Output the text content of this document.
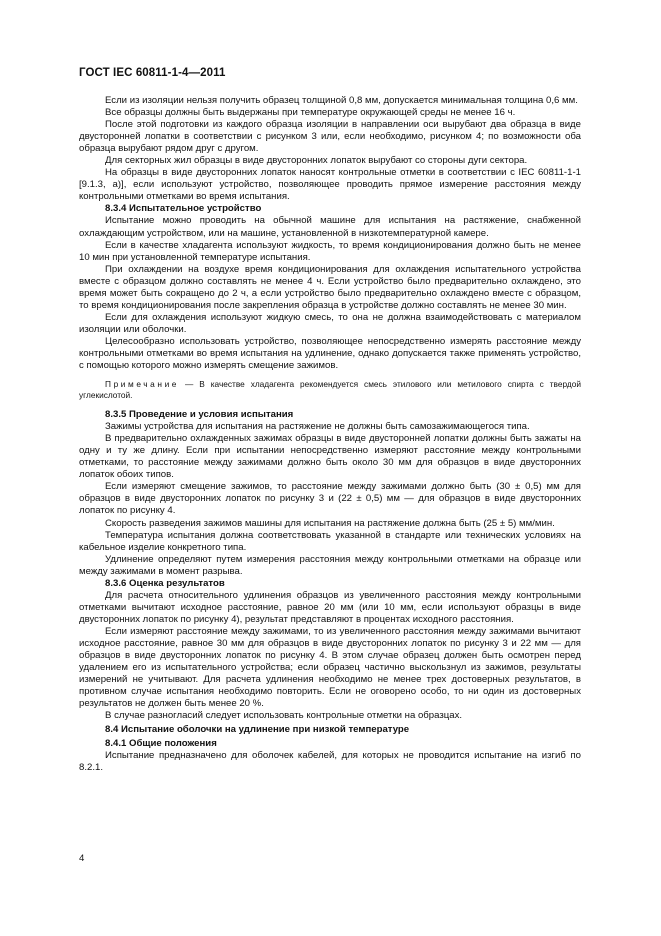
ГОСТ IEC 60811-1-4—2011

Если из изоляции нельзя получить образец толщиной 0,8 мм, допускается минимальная толщина 0,6 мм.

Все образцы должны быть выдержаны при температуре окружающей среды не менее 16 ч.

После этой подготовки из каждого образца изоляции в направлении оси вырубают два образца в виде двусторонней лопатки в соответствии с рисунком 3 или, если необходимо, рисунком 4; по возможности оба образца вырубают рядом друг с другом.

Для секторных жил образцы в виде двусторонних лопаток вырубают со стороны дуги сектора.

На образцы в виде двусторонних лопаток наносят контрольные отметки в соответствии с IEC 60811-1-1 [9.1.3, a)], если используют устройство, позволяющее проводить прямое измерение расстояния между контрольными отметками во время испытания.

8.3.4 Испытательное устройство

Испытание можно проводить на обычной машине для испытания на растяжение, снабженной охлаждающим устройством, или на машине, установленной в низкотемпературной камере.

Если в качестве хладагента используют жидкость, то время кондиционирования должно быть не менее 10 мин при установленной температуре испытания.

При охлаждении на воздухе время кондиционирования для охлаждения испытательного устройства вместе с образцом должно составлять не менее 4 ч. Если устройство было предварительно охлаждено, это время может быть сокращено до 2 ч, а если устройство было предварительно охлаждено вместе с образцом, то время кондиционирования после закрепления образца в устройстве должно составлять не менее 30 мин.

Если для охлаждения используют жидкую смесь, то она не должна взаимодействовать с материалом изоляции или оболочки.

Целесообразно использовать устройство, позволяющее непосредственно измерять расстояние между контрольными отметками во время испытания на удлинение, однако допускается также применять устройство, с помощью которого можно измерять смещение зажимов.

Примечание — В качестве хладагента рекомендуется смесь этилового или метилового спирта с твердой углекислотой.

8.3.5 Проведение и условия испытания

Зажимы устройства для испытания на растяжение не должны быть самозажимающегося типа.

В предварительно охлажденных зажимах образцы в виде двусторонней лопатки должны быть зажаты на одну и ту же длину. Если при испытании непосредственно измеряют расстояние между контрольными отметками, то расстояние между зажимами должно быть около 30 мм для образцов в виде двусторонних лопаток обоих типов.

Если измеряют смещение зажимов, то расстояние между зажимами должно быть (30 ± 0,5) мм для образцов в виде двусторонних лопаток по рисунку 3 и (22 ± 0,5) мм — для образцов в виде двусторонних лопаток по рисунку 4.

Скорость разведения зажимов машины для испытания на растяжение должна быть (25 ± 5) мм/мин.

Температура испытания должна соответствовать указанной в стандарте или технических условиях на кабельное изделие конкретного типа.

Удлинение определяют путем измерения расстояния между контрольными отметками на образце или между зажимами в момент разрыва.

8.3.6 Оценка результатов

Для расчета относительного удлинения образцов из увеличенного расстояния между контрольными отметками вычитают исходное расстояние, равное 20 мм (или 10 мм, если используют образцы в виде двусторонних лопаток по рисунку 4), результат представляют в процентах исходного расстояния.

Если измеряют расстояние между зажимами, то из увеличенного расстояния между зажимами вычитают исходное расстояние, равное 30 мм для образцов в виде двусторонних лопаток по рисунку 3 и 22 мм — для образцов в виде двусторонних лопаток по рисунку 4. В этом случае образец должен быть осмотрен перед удалением его из испытательного устройства; если образец частично выскользнул из зажимов, результаты измерений не учитывают. Для расчета удлинения необходимо не менее трех достоверных результатов, в противном случае испытания необходимо повторить. Если не оговорено особо, то ни один из достоверных результатов не должен быть менее 20 %.

В случае разногласий следует использовать контрольные отметки на образцах.

8.4 Испытание оболочки на удлинение при низкой температуре

8.4.1 Общие положения

Испытание предназначено для оболочек кабелей, для которых не проводится испытание на изгиб по 8.2.1.

4
